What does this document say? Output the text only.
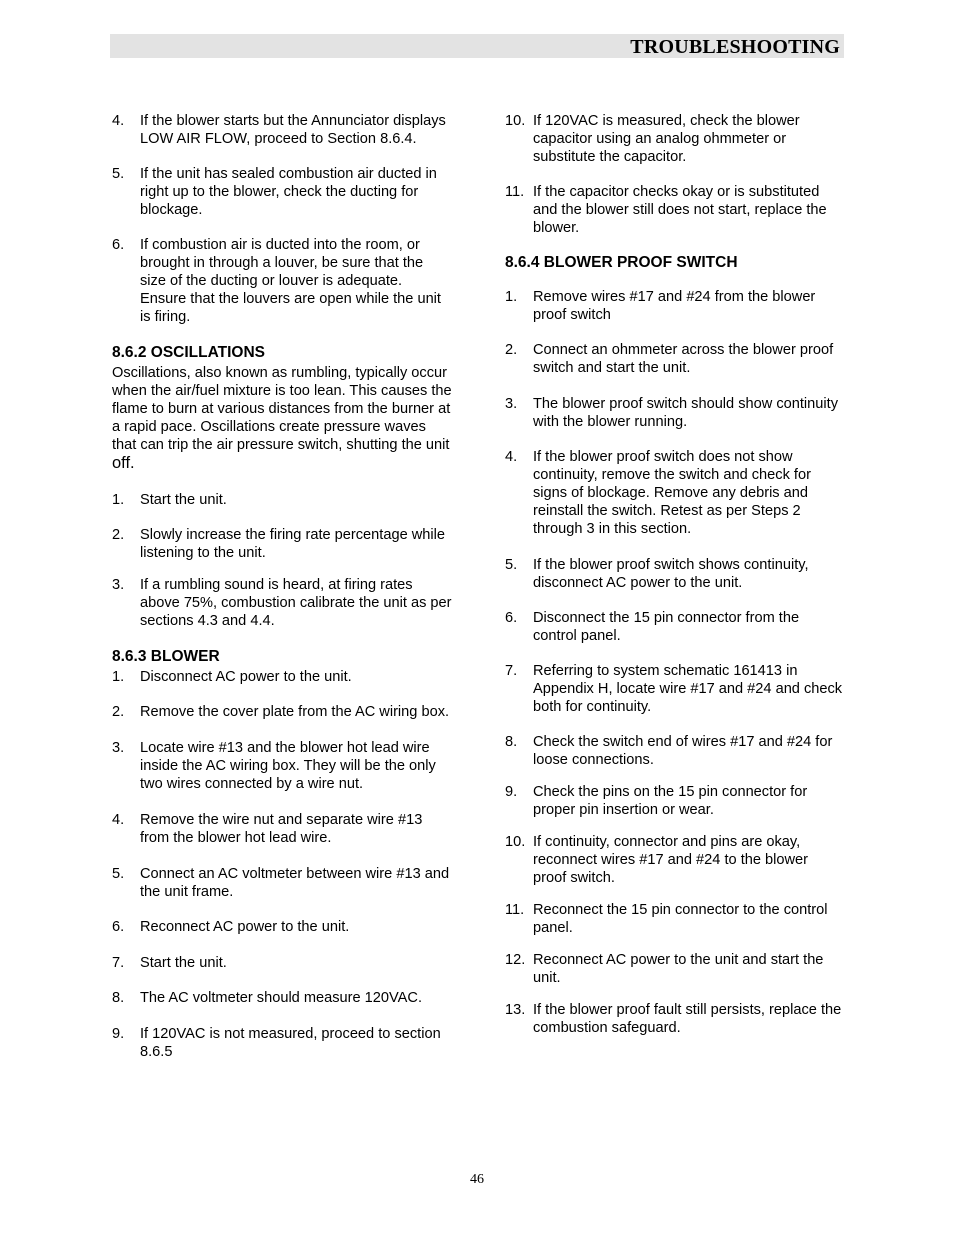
TROUBLESHOOTING
4.	If the blower starts but the Annunciator displays LOW AIR FLOW, proceed to Section 8.6.4.
5.	If the unit has sealed combustion air ducted in right up to the blower, check the ducting for blockage.
6.	If combustion air is ducted into the room, or brought in through a louver, be sure that the size of the ducting or louver is adequate. Ensure that the louvers are open while the unit is firing.
8.6.2 OSCILLATIONS

Oscillations, also known as rumbling, typically occur when the air/fuel mixture is too lean. This causes the flame to burn at various distances from the burner at a rapid pace. Oscillations create pressure waves that can trip the air pressure switch, shutting the unit off.

1.	Start the unit.
2.	Slowly increase the firing rate percentage while listening to the unit.
3.	If a rumbling sound is heard, at firing rates above 75%, combustion calibrate the unit as per sections 4.3 and 4.4.
8.6.3 BLOWER
1.	Disconnect AC power to the unit.
2.	Remove the cover plate from the AC wiring box.
3.	Locate wire #13 and the blower hot lead wire inside the AC wiring box. They will be the only two wires connected by a wire nut.
4.	Remove the wire nut and separate wire #13 from the blower hot lead wire.
5.	Connect an AC voltmeter between wire #13 and the unit frame.
6.	Reconnect AC power to the unit.
7.	Start the unit.
8.	The AC voltmeter should measure 120VAC.
9.	If 120VAC is not measured, proceed to section 8.6.5
10. If 120VAC is measured, check the blower capacitor using an analog ohmmeter or substitute the capacitor.
11. If the capacitor checks okay or is substituted and the blower still does not start, replace the blower.
8.6.4 BLOWER PROOF SWITCH
1.	Remove wires #17 and #24 from the blower proof switch
2.	Connect an ohmmeter across the blower proof switch and start the unit.
3.	The blower proof switch should show continuity with the blower running.
4.	If the blower proof switch does not show continuity, remove the switch and check for signs of blockage. Remove any debris and reinstall the switch. Retest as per Steps 2 through 3 in this section.
5.	If the blower proof switch shows continuity, disconnect AC power to the unit.
6.	Disconnect the 15 pin connector from the control panel.
7.	Referring to system schematic 161413 in Appendix H, locate wire #17 and #24 and check both for continuity.
8.	Check the switch end of wires #17 and #24 for loose connections.
9.	Check the pins on the 15 pin connector for proper pin insertion or wear.
10. If continuity, connector and pins are okay, reconnect wires #17 and #24 to the blower proof switch.
11. Reconnect the 15 pin connector to the control panel.
12. Reconnect AC power to the unit and start the unit.
13. If the blower proof fault still persists, replace the combustion safeguard.
46
